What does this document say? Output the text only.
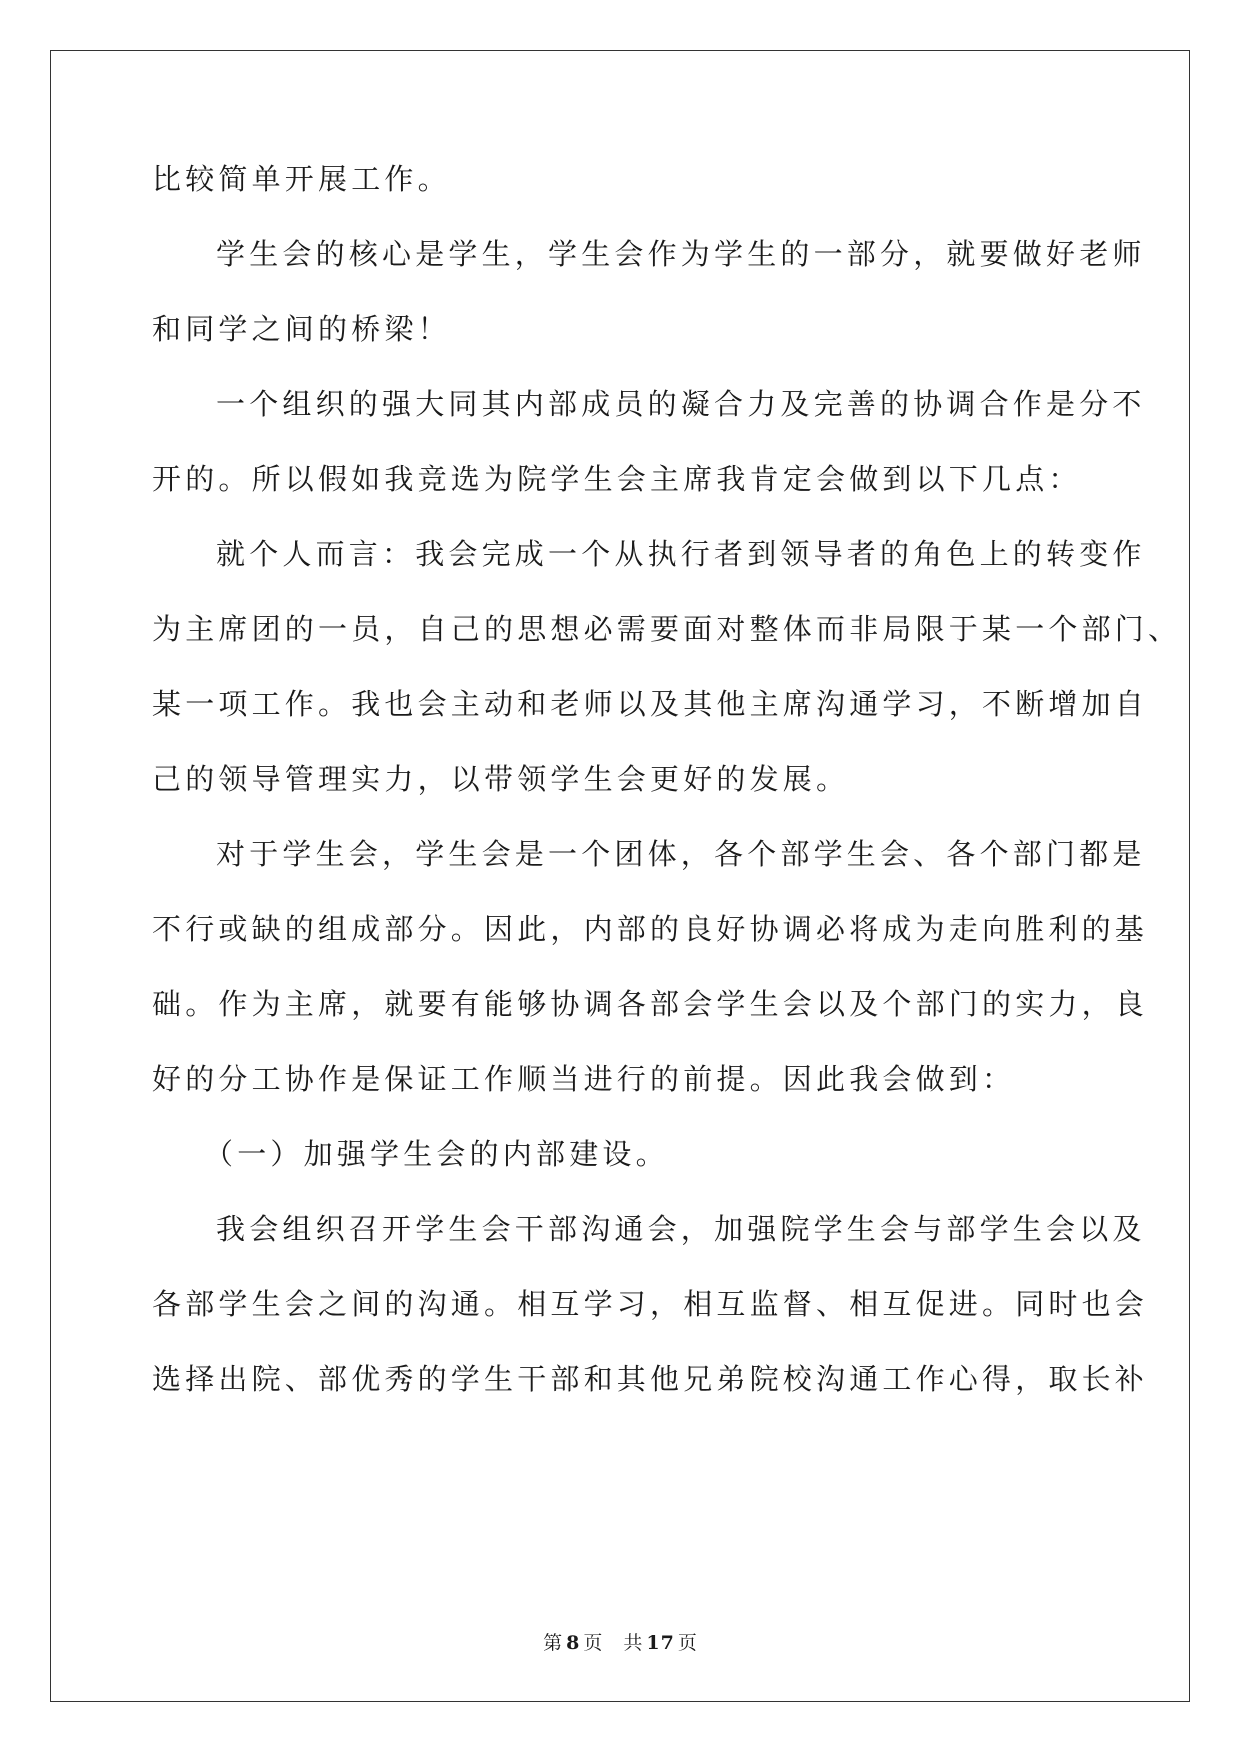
比较简单开展工作。

学生会的核心是学生，学生会作为学生的一部分，就要做好老师

和同学之间的桥梁！

一个组织的强大同其内部成员的凝合力及完善的协调合作是分不

开的。所以假如我竞选为院学生会主席我肯定会做到以下几点：

就个人而言：我会完成一个从执行者到领导者的角色上的转变作

为主席团的一员，自己的思想必需要面对整体而非局限于某一个部门、

某一项工作。我也会主动和老师以及其他主席沟通学习，不断增加自

己的领导管理实力，以带领学生会更好的发展。

对于学生会，学生会是一个团体，各个部学生会、各个部门都是

不行或缺的组成部分。因此，内部的良好协调必将成为走向胜利的基

础。作为主席，就要有能够协调各部会学生会以及个部门的实力，良

好的分工协作是保证工作顺当进行的前提。因此我会做到：

（一）加强学生会的内部建设。

我会组织召开学生会干部沟通会，加强院学生会与部学生会以及

各部学生会之间的沟通。相互学习，相互监督、相互促进。同时也会

选择出院、部优秀的学生干部和其他兄弟院校沟通工作心得，取长补

第 8 页 共 17 页
